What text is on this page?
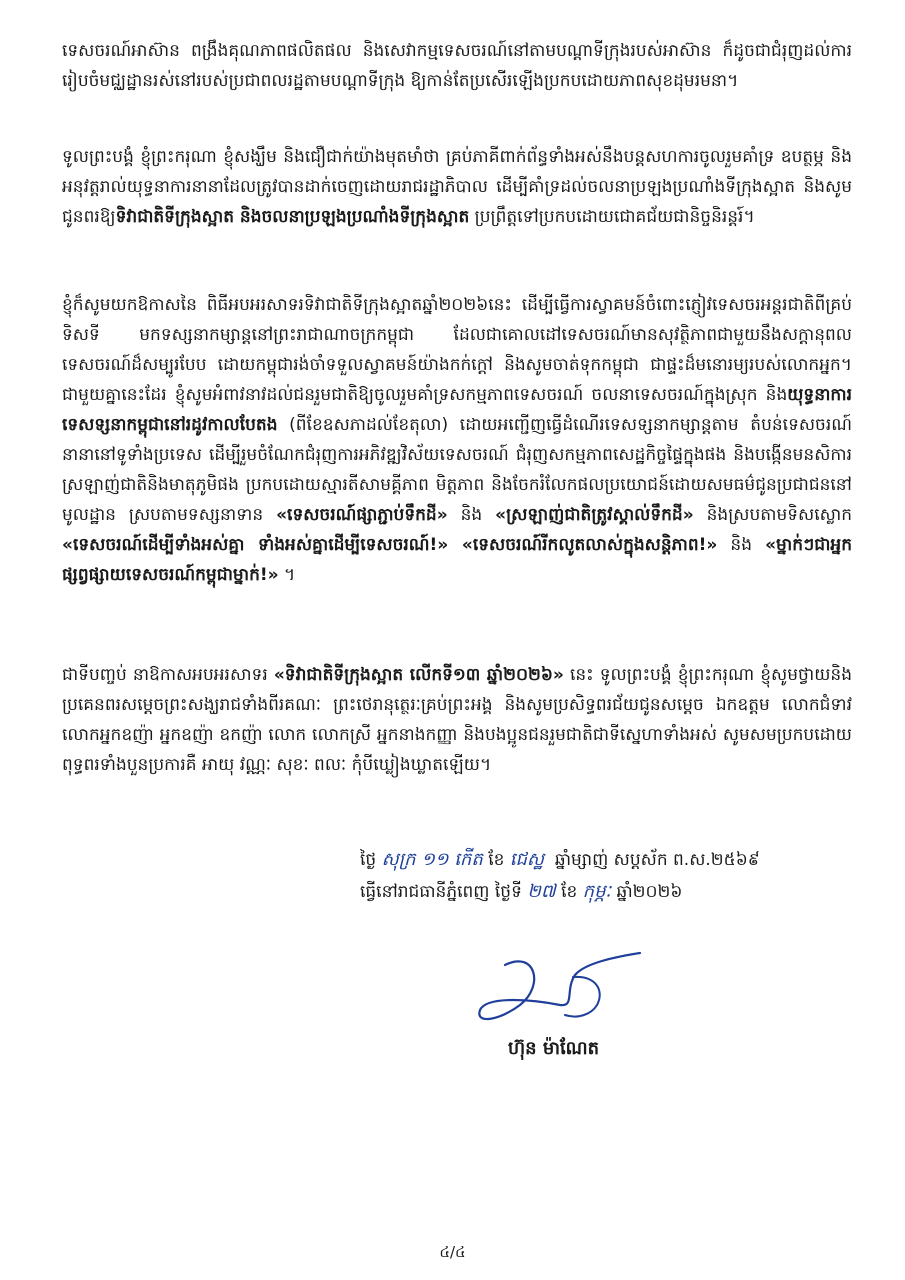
ទេសចរណ៍អាស៊ាន ពង្រឹងគុណភាពផលិតផល និងសេវាកម្មទេសចរណ៍នៅតាមបណ្តាទីក្រុងរបស់អាស៊ាន ក៏ដូចជាជំរុញដល់ការរៀបចំមជ្ឈដ្ឋានរស់នៅរបស់ប្រជាពលរដ្ឋតាមបណ្តាទីក្រុង ឱ្យកាន់តែប្រសើរឡើងប្រកបដោយភាពសុខដុមរមនា។

ទូលព្រះបង្គំ ខ្ញុំព្រះករុណា ខ្ញុំសង្ឃឹម និងជឿជាក់យ៉ាងមុតមាំថា គ្រប់ភាគីពាក់ព័ន្ធទាំងអស់នឹងបន្តសហការចូលរួមគាំទ្រ ឧបត្ថម្ភ និងអនុវត្តរាល់យុទ្ធនាការនានាដែលត្រូវបានដាក់ចេញដោយរាជរដ្ឋាភិបាល ដើម្បីគាំទ្រដល់ចលនាប្រឡងប្រណាំងទីក្រុងស្អាត និងសូមជូនពរឱ្យទិវាជាតិទីក្រុងស្អាត និងចលនាប្រឡងប្រណាំងទីក្រុងស្អាត ប្រព្រឹត្តទៅប្រកបដោយជោគជ័យជានិច្ចនិរន្តរ៍។

ខ្ញុំក៏សូមយកឱកាសនៃ ពិធីអបអរសាទរទិវាជាតិទីក្រុងស្អាតឆ្នាំ២០២៦នេះ ដើម្បីធ្វើការស្វាគមន៍ចំពោះភ្ញៀវទេសចរអន្តរជាតិពីគ្រប់ទិសទី មកទស្សនាកម្សាន្តនៅព្រះរាជាណាចក្រកម្ពុជា ដែលជាគោលដៅទេសចរណ៍មានសុវត្ថិភាពជាមួយនឹងសក្តានុពលទេសចរណ៍ដ៏សម្បូរបែប ដោយកម្ពុជារង់ចាំទទួលស្វាគមន៍យ៉ាងកក់ក្តៅ និងសូមចាត់ទុកកម្ពុជា ជាផ្ទះដ៏មនោរម្យរបស់លោកអ្នក។ ជាមួយគ្នានេះដែរ ខ្ញុំសូមអំពាវនាវដល់ជនរួមជាតិឱ្យចូលរួមគាំទ្រសកម្មភាពទេសចរណ៍ ចលនាទេសចរណ៍ក្នុងស្រុក និងយុទ្ធនាការទេសទ្សនាកម្ពុជានៅរដូវកាលបែតង (ពីខែឧសភាដល់ខែតុលា) ដោយអញ្ជើញធ្វើដំណើរទេសទ្សនាកម្សាន្តតាម តំបន់ទេសចរណ៍នានានៅទូទាំងប្រទេស ដើម្បីរួមចំណែកជំរុញការអភិវឌ្ឍវិស័យទេសចរណ៍ ជំរុញសកម្មភាពសេដ្ឋកិច្ចផ្ទៃក្នុងផង និងបង្កើនមនសិការស្រឡាញ់ជាតិនិងមាតុភូមិផង ប្រកបដោយស្មារតីសាមគ្គីភាព មិត្តភាព និងចែករំលែកផលប្រយោជន៍ដោយសមធម៌ជូនប្រជាជននៅមូលដ្ឋាន ស្របតាមទស្សនាទាន «ទេសចរណ៍ផ្សាភ្ជាប់ទឹកដី» និង «ស្រឡាញ់ជាតិត្រូវស្គាល់ទឹកដី» និងស្របតាមទិសស្លោក «ទេសចរណ៍ដើម្បីទាំងអស់គ្នា ទាំងអស់គ្នាដើម្បីទេសចរណ៍!» «ទេសចរណ៍រីកលូតលាស់ក្នុងសន្តិភាព!» និង «ម្នាក់ៗជាអ្នកផ្សព្វផ្សាយទេសចរណ៍កម្ពុជាម្នាក់!» ។

ជាទីបញ្ចប់ នាឱកាសអបអរសាទរ «ទិវាជាតិទីក្រុងស្អាត លើកទី១៣ ឆ្នាំ២០២៦» នេះ ទូលព្រះបង្គំ ខ្ញុំព្រះករុណា ខ្ញុំសូមថ្វាយនិងប្រគេនពរសម្តេចព្រះសង្ឃរាជទាំងពីរគណៈ ព្រះថេរានុត្ថេរៈគ្រប់ព្រះអង្គ និងសូមប្រសិទ្ធពរជ័យជូនសម្តេច ឯកឧត្តម លោកជំទាវ លោកអ្នកឧញ៉ា អ្នកឧញ៉ា ឧកញ៉ា លោក លោកស្រី អ្នកនាងកញ្ញា និងបងប្អូនជនរួមជាតិជាទីស្នេហាទាំងអស់ សូមសមប្រកបដោយពុទ្ធពរទាំងបួនប្រការគឺ អាយុ វណ្ណៈ សុខៈ ពលៈ កុំបីឃ្លៀងឃ្លាតឡើយ។

ថ្ងៃ សុក្រ ១១ កើត ខែ ជេស្ឋ ឆ្នាំម្សាញ់ សប្តស័ក ព.ស.២៥៦៩
ធ្វើនៅរាជធានីភ្នំពេញ ថ្ងៃទី ២៧ ខែ កុម្ភៈ ឆ្នាំ២០២៦
ហ៊ុន ម៉ាណែត
៤/៤
